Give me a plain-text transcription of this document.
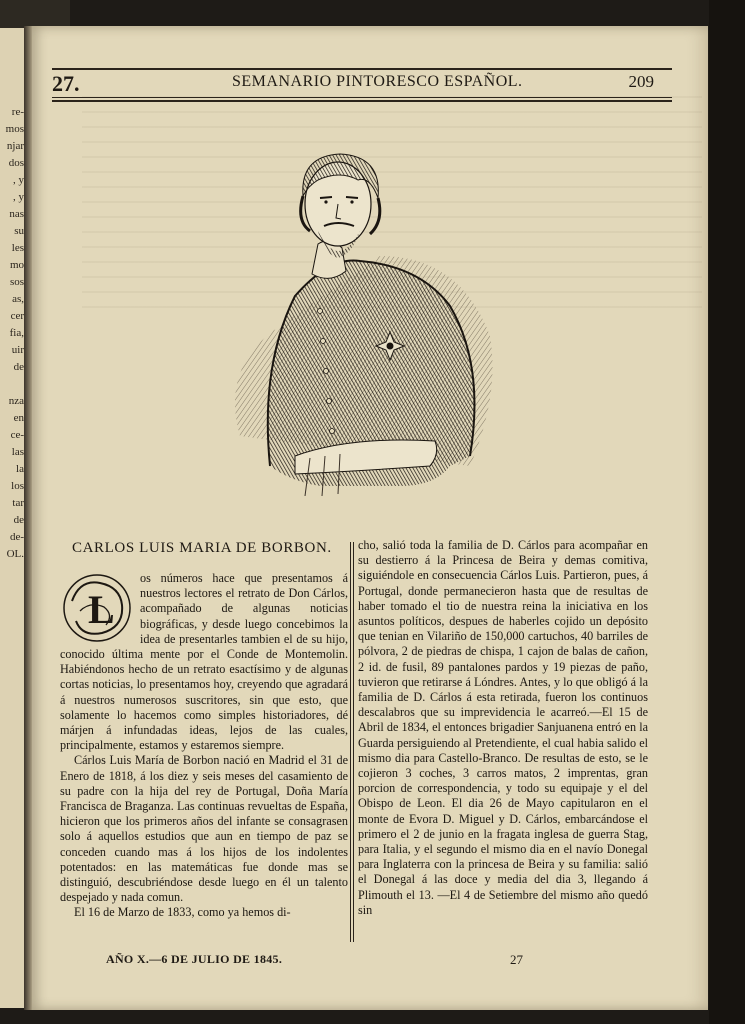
re-
mos
njar
dos
, y
, y
nas
su
les
mo
sos
as,
cer
fia,
uir
de

nza
en
ce-
las
la
los
tar
de
de-
OL.
27.	SEMANARIO PINTORESCO ESPAÑOL.	209
CARLOS LUIS MARIA DE BORBON.
L

os números hace que presentamos á nuestros lectores el retrato de Don Cárlos, acompañado de algunas noticias biográficas, y desde luego concebimos la idea de presentarles tambien el de su hijo, conocido última mente por el Conde de Montemolin. Habiéndonos hecho de un retrato esactísimo y de algunas cortas noticias, lo presentamos hoy, creyendo que agradará á nuestros numerosos suscritores, sin que esto, que solamente lo hacemos como simples historiadores, dé márjen á infundadas ideas, lejos de las cuales, principalmente, estamos y estaremos siempre.

Cárlos Luis María de Borbon nació en Madrid el 31 de Enero de 1818, á los diez y seis meses del casamiento de su padre con la hija del rey de Portugal, Doña María Francisca de Braganza. Las continuas revueltas de España, hicieron que los primeros años del infante se consagrasen solo á aquellos estudios que aun en tiempo de paz se conceden cuando mas á los hijos de los indolentes potentados: en las matemáticas fue donde mas se distinguió, descubriéndose desde luego en él un talento despejado y nada comun.

El 16 de Marzo de 1833, como ya hemos di-

cho, salió toda la familia de D. Cárlos para acompañar en su destierro á la Princesa de Beira y demas comitiva, siguiéndole en consecuencia Cárlos Luis. Partieron, pues, á Portugal, donde permanecieron hasta que de resultas de haber tomado el tio de nuestra reina la iniciativa en los asuntos políticos, despues de haberles cojido un depósito que tenian en Vilariño de 150,000 cartuchos, 40 barriles de pólvora, 2 de piedras de chispa, 1 cajon de balas de cañon, 2 id. de fusil, 89 pantalones pardos y 19 piezas de paño, tuvieron que retirarse á Lóndres. Antes, y lo que obligó á la familia de D. Cárlos á esta retirada, fueron los continuos descalabros que su imprevidencia le acarreó.—El 15 de Abril de 1834, el entonces brigadier Sanjuanena entró en la Guarda persiguiendo al Pretendiente, el cual habia salido el mismo dia para Castello-Branco. De resultas de esto, se le cojieron 3 coches, 3 carros matos, 2 imprentas, gran porcion de correspondencia, y todo su equipaje y el del Obispo de Leon. El dia 26 de Mayo capitularon en el monte de Evora D. Miguel y D. Cárlos, embarcándose el primero el 2 de junio en la fragata inglesa de guerra Stag, para Italia, y el segundo el mismo dia en el navío Donegal para Inglaterra con la princesa de Beira y su familia: salió el Donegal á las doce y media del dia 3, llegando á Plimouth el 13. —El 4 de Setiembre del mismo año quedó sin

AÑO X.—6 DE JULIO DE 1845.	27
